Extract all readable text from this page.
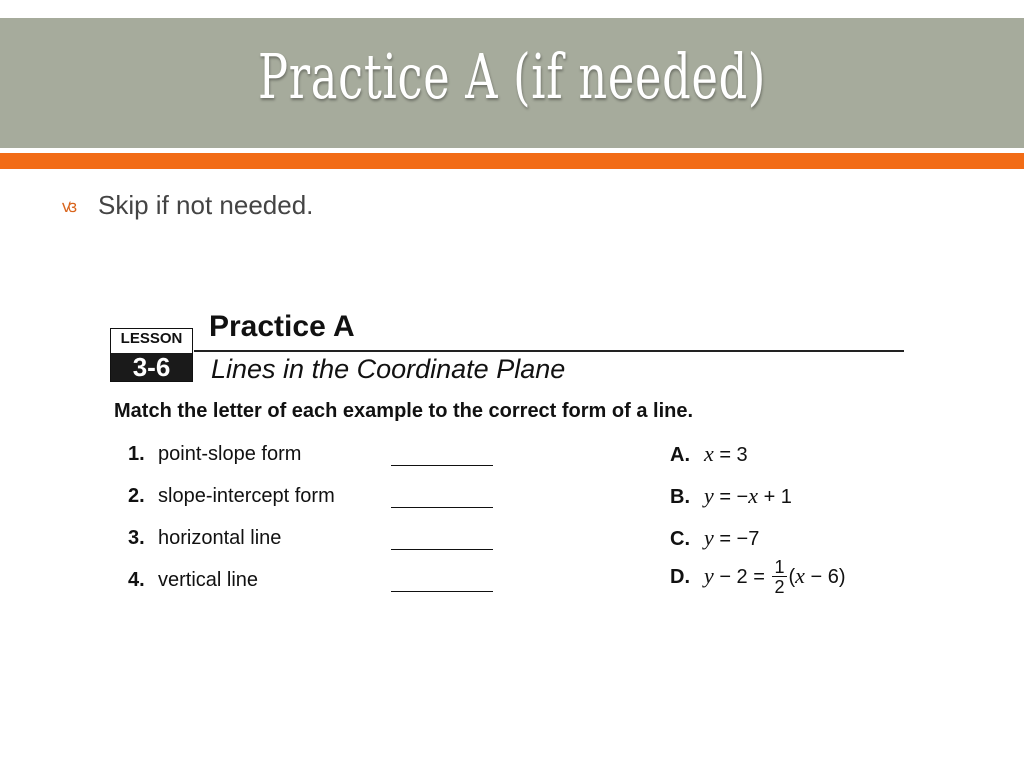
Practice A (if needed)
ꟃ Skip if not needed.
LESSON
3-6
Practice A
Lines in the Coordinate Plane
Match the letter of each example to the correct form of a line.
1. point-slope form
2. slope-intercept form
3. horizontal line
4. vertical line
A. x = 3
B. y = −x + 1
C. y = −7
D. $y - 2 = \frac{1}{2} (x - 6)$
